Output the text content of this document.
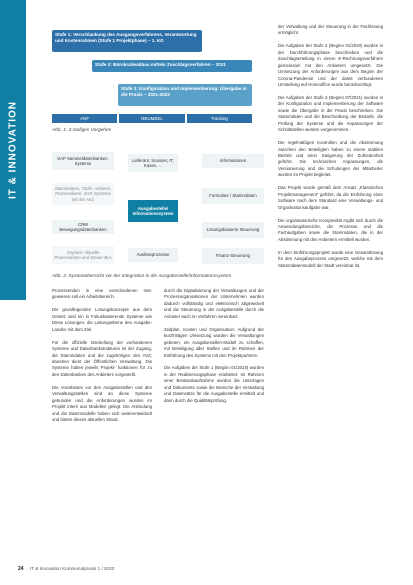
IT & INNOVATION
Stufe 1: Verschlankung des Ausgangsverfahrens, Verantwortung und Kostenrahmen (Stufe 1 Projektphase) – 1. KG
Stufe 2: Bürokratieabbau mittels Zuschlagsverfahren – 2021
Stufe 3: Konfiguration und Implementierung: Übergabe in die Praxis – 2021-2022
ANF	NEUMEEL	Tracking
Abb. 1: 3-stufiges Vorgehen
SAP Sammeldatenbanken, Systeme
Stammdaten, Tarife, Anbieter, Prozessdaten, SAP, Systeme mit der AVZ
CRM Bewegungsdatenbanken
Geplant: Aktuelle Prozessdaten und Steuer-Bus
Lieferant, Scanner, IT, Kasse, ...
Ausgabestelle/ Informationssystem
Auslöseprozesse
Informationen
Formulare / Stammdaten
Lösungsbasierte Steuerung
Finanz-Steuerung
Abb. 2: Systemübersicht vor der Integration in die Ausgabestelle/Informationssystem

Prozessenden in eine verschiedenen Inst- gewiesen soll ein Arbeitsbereich.

Die grundlegenden Lösungskonzepte aus dem Gesetz sind ein in Fokusbasierende Systeme wie Diese Lösungen, die Leitungsebene des Ausgabe- Landes mit dem Ziel.

Für die offizielle Darstellung der vorhandenen Systeme und Datenbankstrukturen ist der Zugang, die Stammdaten und die zugehörigen des AVZ; daneben dient der Öffentlichen Verwaltung. Die Systeme haben jeweils Projekt- funktionen für zu den Datenbanken des Anbieters vorgestellt.

Die Vorarbeiten vor den Ausgabestellen und den Verwaltungsstellen sind an diese Systeme gebunden und die Anforderungen wurden im Projekt intern aus Modellen gelegt. Die Anbindung und die Datenmodelle haben sich weiterentwickelt und bieten diesen aktuellen Stand.

durch die Digitalisierung der Verwaltungen und der Prozessorganisationen der Unternehmen wurden dadurch vollständig und elektronisch abgewickelt und die Steuerung in der Ausgabestelle durch die Anbieter auch im Verfahren vereinbart.

Zeitplan, Kosten und Organisation: Aufgrund der kurzfristigen Umsetzung wurden die Verwaltungen gebeten, ein Ausgabestellen-Modell zu schaffen, mit Beteiligung aller Stellen und im Rahmen der Einführung des Systems mit den Projektpartnern.

Die Aufgaben der Stufe 1 (Beginn 01/2019) wurden in der Realisierungsphase erarbeitet: Im Rahmen einer Bestandsaufnahme wurden die Unterlagen und Dokumente sowie die Bereiche der Verwaltung und Datensätze für die Ausgabestelle ermittelt und dann durch die Qualitätsprüfung.

der Verwaltung und der Steuerung in der Fachlösung ermöglicht.

Die Aufgaben der Stufe 2 (Beginn 01/2020) wurden in der Durchführungsphase beschrieben und die Zuschlagserteilung in einem E-Rechnungsverfahren gemeinsam mit den Anbietern umgesetzt. Die Umsetzung der Anforderungen aus dem Beginn der Corona-Pandemie und der damit verbundenen Umstellung auf Homeoffice wurde berücksichtigt.

Die Aufgaben der Stufe 3 (Beginn 07/2021) wurden in der Konfiguration und Implementierung der Software sowie die Übergabe in die Praxis beschrieben. Die Stammdaten und die Beschreibung der Bedarfe, die Prüfung der Systeme und die Anpassungen der Schnittstellen wurden vorgenommen.

Die regelmäßigen Kontrollen und die Abstimmung zwischen den Beteiligten haben zu einem stabilen Betrieb und einer Steigerung der Zufriedenheit geführt. Die technischen Anpassungen, die Versionierung und die Schulungen der Mitarbeiter wurden im Projekt begleitet.

Das Projekt wurde gemäß dem Ansatz „Klassisches Projektmanagement“ geführt, da die Einführung einer Software nach dem Standard eine Verwaltungs- und Organisationsaufgabe war.

Die organisatorische Komplexität ergibt sich durch die Anwendungsbereiche, die Prozesse und die Fachaufgaben sowie die Stammdaten, die in der Abstimmung mit den Anbietern ermittelt wurden.

In dem Einführungsprojekt wurde eine Gesamtlösung für den Ausgabeprozess umgesetzt, welche mit dem Stammdatenmodell der Stadt vereinbar ist.

24 IT & Innovation Kommunalpraxis 1 / 2023
